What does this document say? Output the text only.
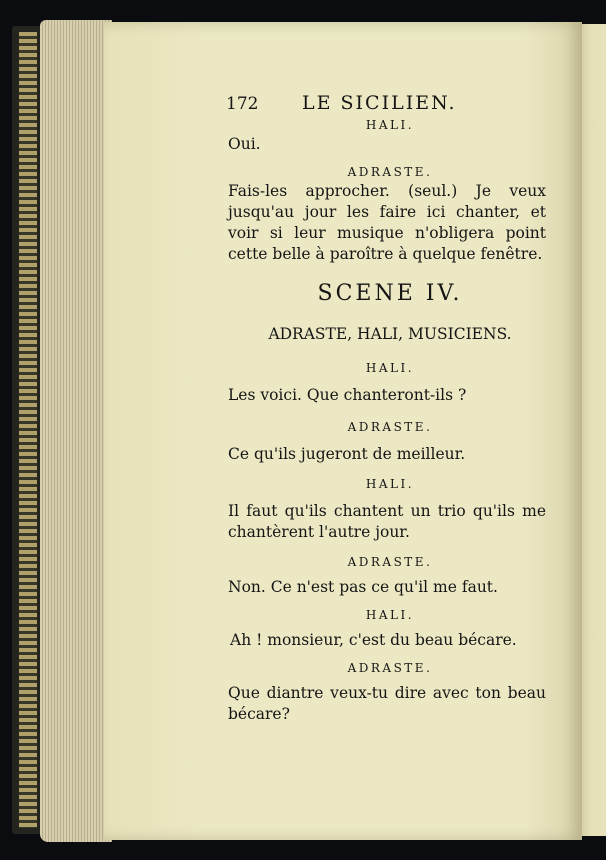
172 LE SICILIEN.

HALI.

Oui.

ADRASTE.

Fais-les approcher. (seul.) Je veux jusqu'au jour les faire ici chanter, et voir si leur musique n'obligera point cette belle à paroître à quelque fenêtre.

SCENE IV.

ADRASTE, HALI, MUSICIENS.

HALI.

Les voici. Que chanteront-ils ?

ADRASTE.

Ce qu'ils jugeront de meilleur.

HALI.

Il faut qu'ils chantent un trio qu'ils me chantèrent l'autre jour.

ADRASTE.

Non. Ce n'est pas ce qu'il me faut.

HALI.

Ah ! monsieur, c'est du beau bécare.

ADRASTE.

Que diantre veux-tu dire avec ton beau bécare?
